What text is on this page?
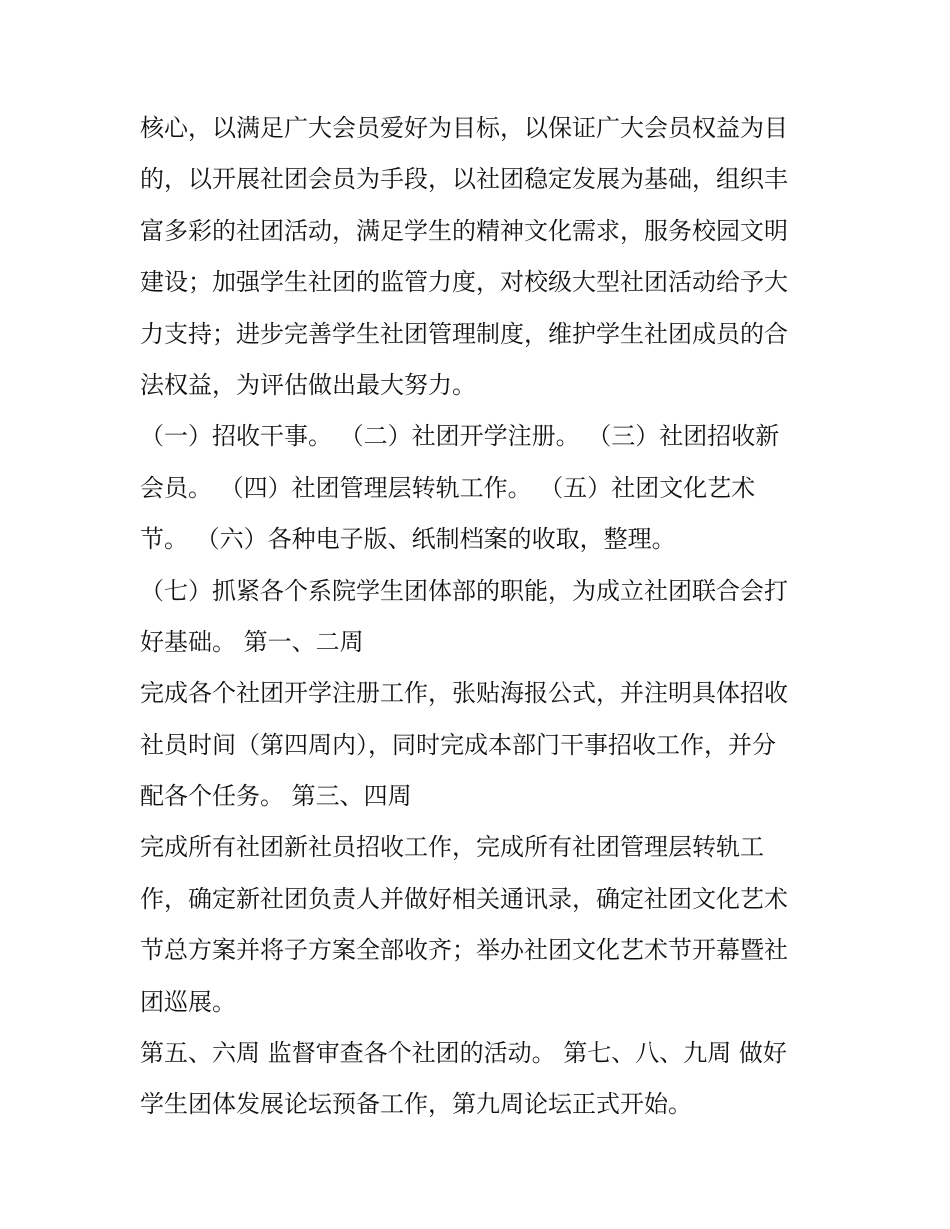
核心，以满足广大会员爱好为目标，以保证广大会员权益为目
的，以开展社团会员为手段，以社团稳定发展为基础，组织丰
富多彩的社团活动，满足学生的精神文化需求，服务校园文明
建设；加强学生社团的监管力度，对校级大型社团活动给予大
力支持；进步完善学生社团管理制度，维护学生社团成员的合
法权益，为评估做出最大努力。
（一）招收干事。 （二）社团开学注册。 （三）社团招收新
会员。 （四）社团管理层转轨工作。 （五）社团文化艺术
节。 （六）各种电子版、纸制档案的收取，整理。
（七）抓紧各个系院学生团体部的职能，为成立社团联合会打
好基础。 第一、二周
完成各个社团开学注册工作，张贴海报公式，并注明具体招收
社员时间（第四周内），同时完成本部门干事招收工作，并分
配各个任务。 第三、四周
完成所有社团新社员招收工作，完成所有社团管理层转轨工
作，确定新社团负责人并做好相关通讯录，确定社团文化艺术
节总方案并将子方案全部收齐；举办社团文化艺术节开幕暨社
团巡展。
第五、六周 监督审查各个社团的活动。 第七、八、九周 做好
学生团体发展论坛预备工作，第九周论坛正式开始。
